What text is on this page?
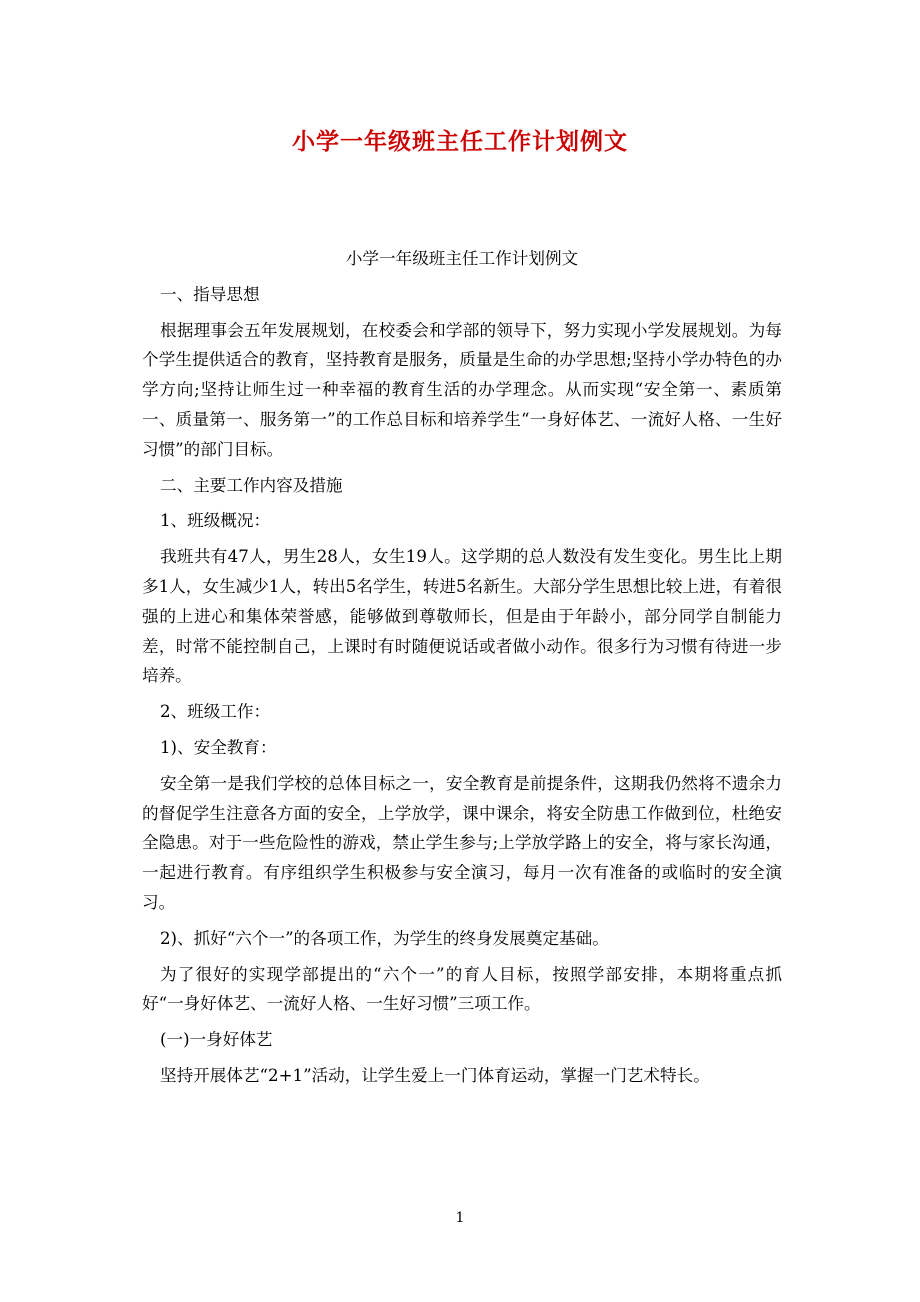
小学一年级班主任工作计划例文
小学一年级班主任工作计划例文

一、指导思想

根据理事会五年发展规划，在校委会和学部的领导下，努力实现小学发展规划。为每个学生提供适合的教育，坚持教育是服务，质量是生命的办学思想;坚持小学办特色的办学方向;坚持让师生过一种幸福的教育生活的办学理念。从而实现“安全第一、素质第一、质量第一、服务第一”的工作总目标和培养学生“一身好体艺、一流好人格、一生好习惯”的部门目标。

二、主要工作内容及措施

1、班级概况：

我班共有47人，男生28人，女生19人。这学期的总人数没有发生变化。男生比上期多1人，女生减少1人，转出5名学生，转进5名新生。大部分学生思想比较上进，有着很强的上进心和集体荣誉感，能够做到尊敬师长，但是由于年龄小，部分同学自制能力差，时常不能控制自己，上课时有时随便说话或者做小动作。很多行为习惯有待进一步培养。

2、班级工作：

1)、安全教育：

安全第一是我们学校的总体目标之一，安全教育是前提条件，这期我仍然将不遗余力的督促学生注意各方面的安全，上学放学，课中课余，将安全防患工作做到位，杜绝安全隐患。对于一些危险性的游戏，禁止学生参与;上学放学路上的安全，将与家长沟通，一起进行教育。有序组织学生积极参与安全演习，每月一次有准备的或临时的安全演习。

2)、抓好“六个一”的各项工作，为学生的终身发展奠定基础。

为了很好的实现学部提出的“六个一”的育人目标，按照学部安排，本期将重点抓好“一身好体艺、一流好人格、一生好习惯”三项工作。

(一)一身好体艺

坚持开展体艺“2+1”活动，让学生爱上一门体育运动，掌握一门艺术特长。

1
